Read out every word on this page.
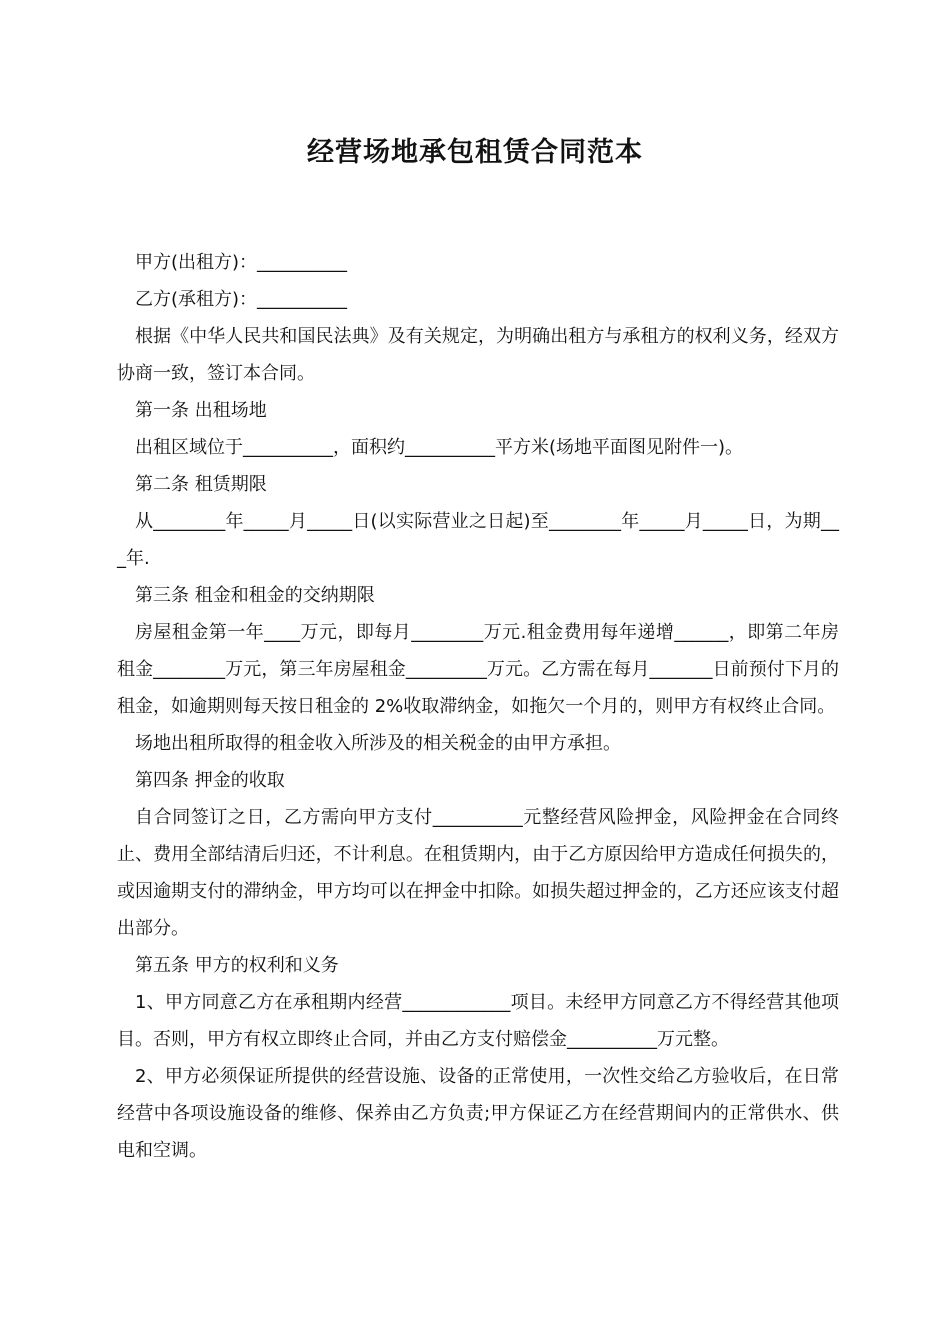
经营场地承包租赁合同范本

甲方(出租方)：__________

乙方(承租方)：__________

根据《中华人民共和国民法典》及有关规定，为明确出租方与承租方的权利义务，经双方协商一致，签订本合同。

第一条 出租场地

出租区域位于__________，面积约__________平方米(场地平面图见附件一)。

第二条 租赁期限

从________年_____月_____日(以实际营业之日起)至________年_____月_____日，为期___年.

第三条 租金和租金的交纳期限

房屋租金第一年____万元，即每月________万元.租金费用每年递增______，即第二年房租金________万元，第三年房屋租金_________万元。乙方需在每月_______日前预付下月的租金，如逾期则每天按日租金的 2%收取滞纳金，如拖欠一个月的，则甲方有权终止合同。

场地出租所取得的租金收入所涉及的相关税金的由甲方承担。

第四条 押金的收取

自合同签订之日，乙方需向甲方支付__________元整经营风险押金，风险押金在合同终止、费用全部结清后归还，不计利息。在租赁期内，由于乙方原因给甲方造成任何损失的，或因逾期支付的滞纳金，甲方均可以在押金中扣除。如损失超过押金的，乙方还应该支付超出部分。

第五条 甲方的权利和义务

1、甲方同意乙方在承租期内经营____________项目。未经甲方同意乙方不得经营其他项目。否则，甲方有权立即终止合同，并由乙方支付赔偿金__________万元整。

2、甲方必须保证所提供的经营设施、设备的正常使用，一次性交给乙方验收后，在日常经营中各项设施设备的维修、保养由乙方负责;甲方保证乙方在经营期间内的正常供水、供电和空调。
